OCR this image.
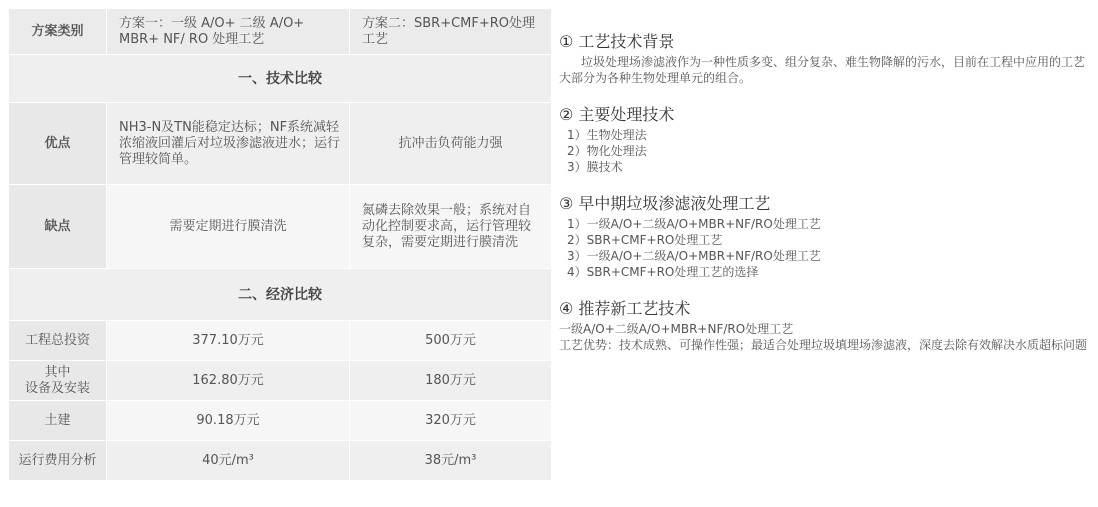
方案类别	方案一：一级 A/O+ 二级 A/O+ MBR+ NF/ RO 处理工艺	方案二：SBR+CMF+RO处理工艺
一、技术比较		
优点	NH3-N及TN能稳定达标；NF系统减轻浓缩液回灌后对垃圾渗滤液进水；运行管理较简单。	抗冲击负荷能力强
缺点	需要定期进行膜清洗	氮磷去除效果一般；系统对自动化控制要求高，运行管理较复杂，需要定期进行膜清洗
二、经济比较		
工程总投资	377.10万元	500万元
其中
设备及安装	162.80万元	180万元
土建	90.18万元	320万元
运行费用分析	40元/m³	38元/m³
① 工艺技术背景

垃圾处理场渗滤液作为一种性质多变、组分复杂、难生物降解的污水，目前在工程中应用的工艺大部分为各种生物处理单元的组合。

② 主要处理技术

1）生物处理法

2）物化处理法

3）膜技术

③ 早中期垃圾渗滤液处理工艺

1）一级A/O+二级A/O+MBR+NF/RO处理工艺

2）SBR+CMF+RO处理工艺

3）一级A/O+二级A/O+MBR+NF/RO处理工艺

4）SBR+CMF+RO处理工艺的选择

④ 推荐新工艺技术

一级A/O+二级A/O+MBR+NF/RO处理工艺

工艺优势：技术成熟、可操作性强；最适合处理垃圾填埋场渗滤液，深度去除有效解决水质超标问题
